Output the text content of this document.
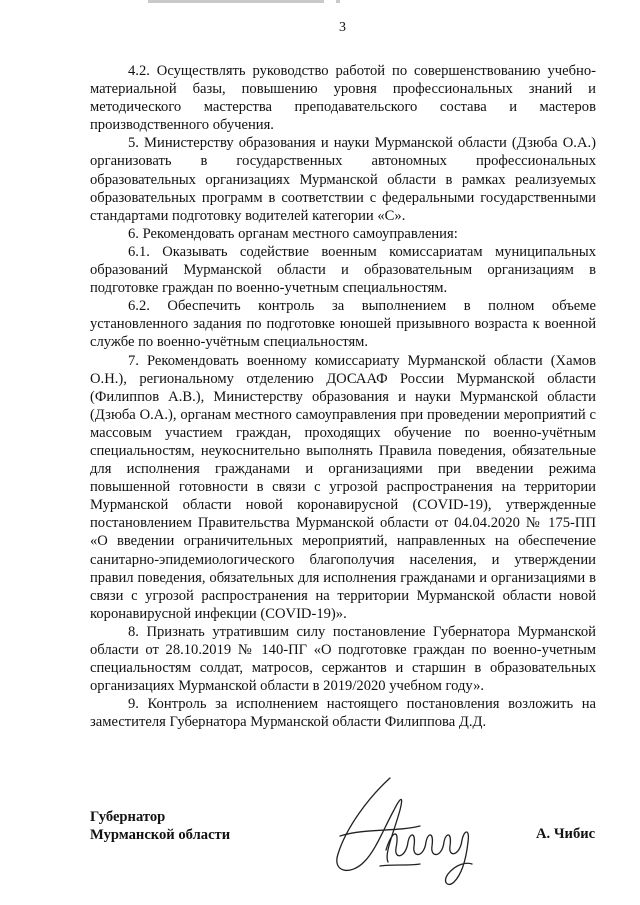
3

4.2. Осуществлять руководство работой по совершенствованию учебно-материальной базы, повышению уровня профессиональных знаний и методического мастерства преподавательского состава и мастеров производственного обучения.

5. Министерству образования и науки Мурманской области (Дзюба О.А.) организовать в государственных автономных профессиональных образовательных организациях Мурманской области в рамках реализуемых образовательных программ в соответствии с федеральными государственными стандартами подготовку водителей категории «С».

6. Рекомендовать органам местного самоуправления:

6.1. Оказывать содействие военным комиссариатам муниципальных образований Мурманской области и образовательным организациям в подготовке граждан по военно-учетным специальностям.

6.2. Обеспечить контроль за выполнением в полном объеме установленного задания по подготовке юношей призывного возраста к военной службе по военно-учётным специальностям.

7. Рекомендовать военному комиссариату Мурманской области (Хамов О.Н.), региональному отделению ДОСААФ России Мурманской области (Филиппов А.В.), Министерству образования и науки Мурманской области (Дзюба О.А.), органам местного самоуправления при проведении мероприятий с массовым участием граждан, проходящих обучение по военно-учётным специальностям, неукоснительно выполнять Правила поведения, обязательные для исполнения гражданами и организациями при введении режима повышенной готовности в связи с угрозой распространения на территории Мурманской области новой коронавирусной (COVID-19), утвержденные постановлением Правительства Мурманской области от 04.04.2020 № 175-ПП «О введении ограничительных мероприятий, направленных на обеспечение санитарно-эпидемиологического благополучия населения, и утверждении правил поведения, обязательных для исполнения гражданами и организациями в связи с угрозой распространения на территории Мурманской области новой коронавирусной инфекции (COVID-19)».

8. Признать утратившим силу постановление Губернатора Мурманской области от 28.10.2019 № 140-ПГ «О подготовке граждан по военно-учетным специальностям солдат, матросов, сержантов и старшин в образовательных организациях Мурманской области в 2019/2020 учебном году».

9. Контроль за исполнением настоящего постановления возложить на заместителя Губернатора Мурманской области Филиппова Д.Д.

Губернатор
Мурманской области	А. Чибис
